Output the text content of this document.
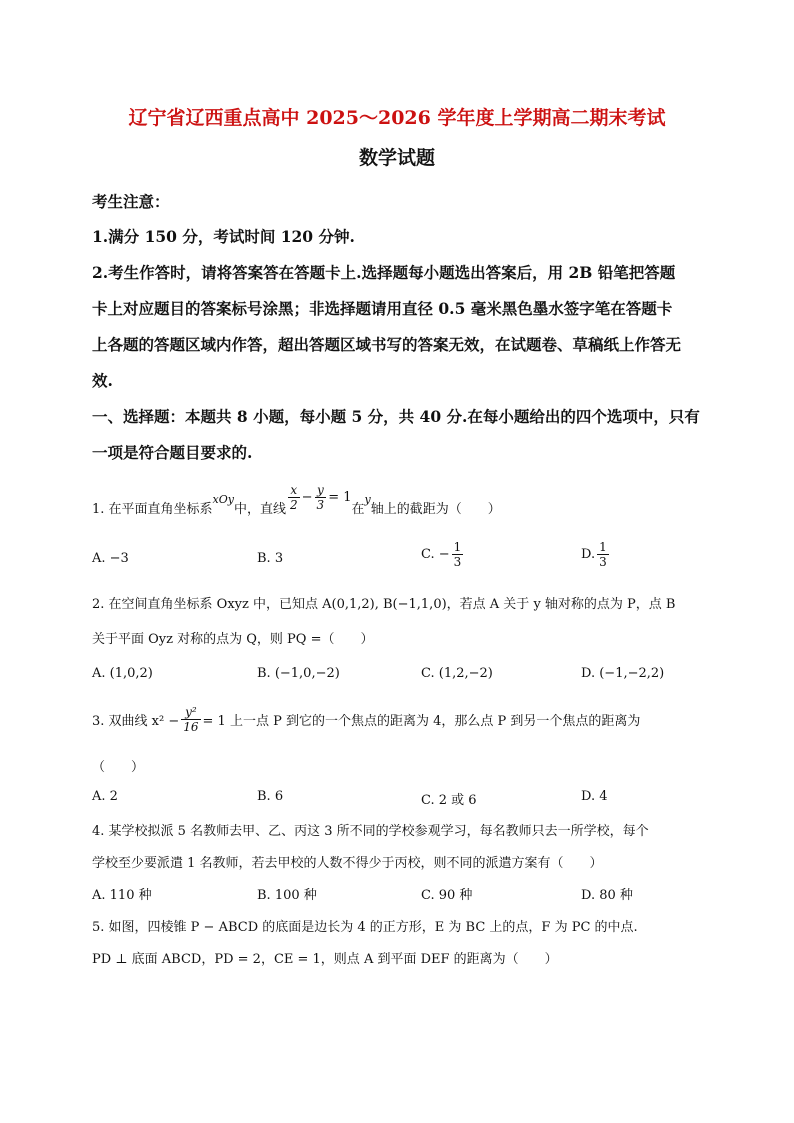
辽宁省辽西重点高中 2025～2026 学年度上学期高二期末考试
数学试题
考生注意：
1.满分 150 分，考试时间 120 分钟.
2.考生作答时，请将答案答在答题卡上.选择题每小题选出答案后，用 2B 铅笔把答题
卡上对应题目的答案标号涂黑；非选择题请用直径 0.5 毫米黑色墨水签字笔在答题卡
上各题的答题区域内作答，超出答题区域书写的答案无效，在试题卷、草稿纸上作答无
效.
一、选择题：本题共 8 小题，每小题 5 分，共 40 分.在每小题给出的四个选项中，只有
一项是符合题目要求的.
1. 在平面直角坐标系
xOy
中，直线 $\frac{x}{2} - \frac{y}{3} = 1$
在
y
轴上的截距为（　　）
A. −3	B. 3	C. − $\frac{1}{3}$	D. $\frac{1}{3}$
2. 在空间直角坐标系 Oxyz 中，已知点 A(0,1,2), B(−1,1,0)，若点 A 关于 y 轴对称的点为 P，点 B
关于平面 Oyz 对称的点为 Q，则 PQ =（　　）
A. (1,0,2)	B. (−1,0,−2)	C. (1,2,−2)	D. (−1,−2,2)
3. 双曲线 $x^2 - \frac{\text{y²}}{16} = 1$ 上一点 P 到它的一个焦点的距离为 4，那么点 P 到另一个焦点的距离为
（　　）
A. 2	B. 6	C. 2 或 6	D. 4
4. 某学校拟派 5 名教师去甲、乙、丙这 3 所不同的学校参观学习，每名教师只去一所学校，每个
学校至少要派遣 1 名教师，若去甲校的人数不得少于丙校，则不同的派遣方案有（　　）
A. 110 种	B. 100 种	C. 90 种	D. 80 种
5. 如图，四棱锥 P − ABCD 的底面是边长为 4 的正方形，E 为 BC 上的点，F 为 PC 的中点.
PD ⊥ 底面 ABCD，PD = 2，CE = 1，则点 A 到平面 DEF 的距离为（　　）
